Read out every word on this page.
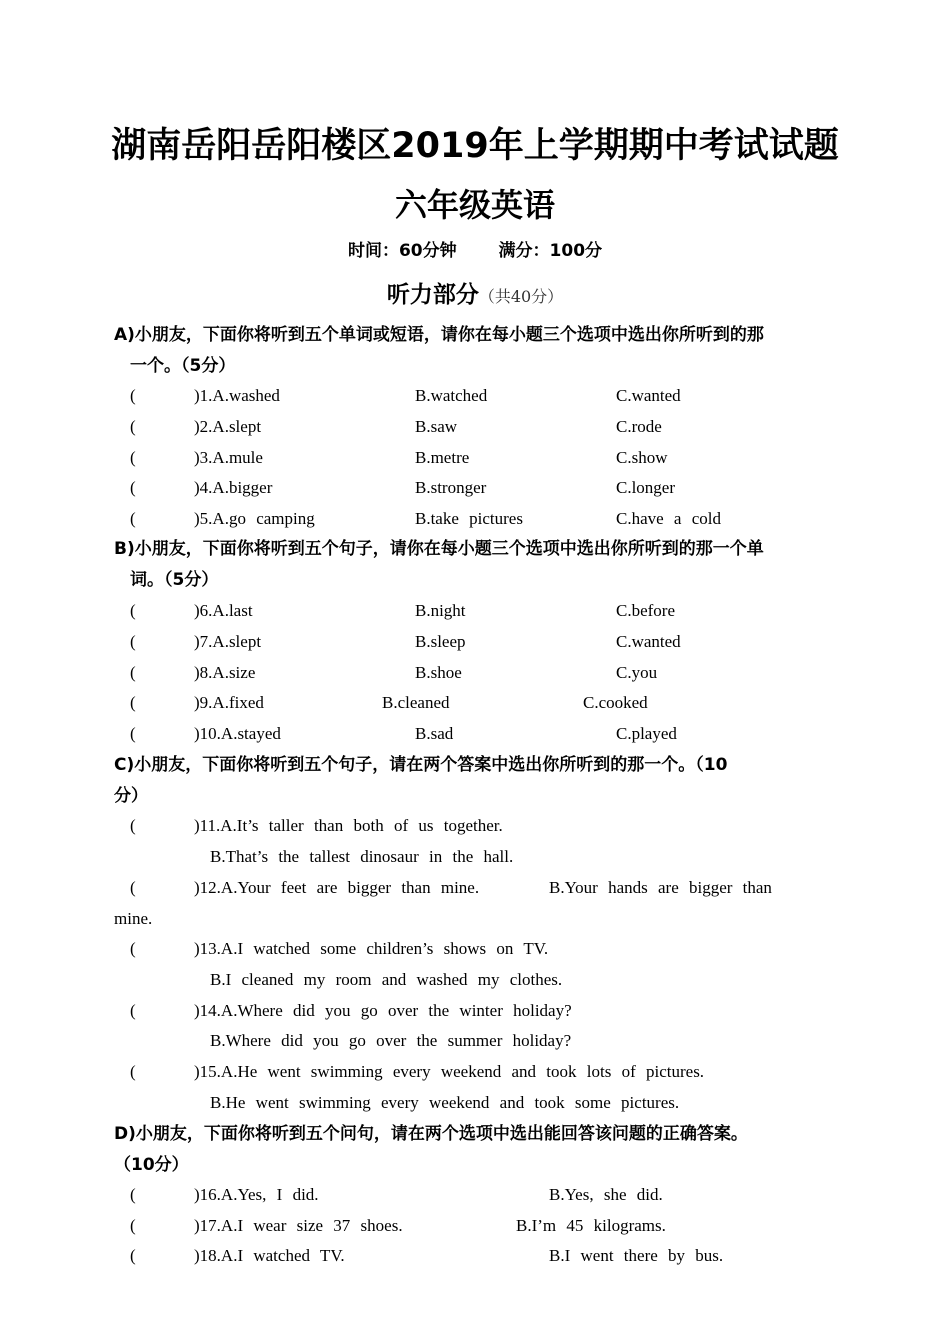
湖南岳阳岳阳楼区2019年上学期期中考试试题
六年级英语
时间：60分钟 满分：100分
听力部分（共40分）
A)小朋友，下面你将听到五个单词或短语，请你在每小题三个选项中选出你所听到的那
一个。（5分）
(	)1.A.washed	B.watched	C.wanted
(	)2.A.slept	B.saw	C.rode
(	)3.A.mule	B.metre	C.show
(	)4.A.bigger	B.stronger	C.longer
(	)5.A.go camping	B.take pictures	C.have a cold
B)小朋友，下面你将听到五个句子，请你在每小题三个选项中选出你所听到的那一个单
词。（5分）
(	)6.A.last	B.night	C.before
(	)7.A.slept	B.sleep	C.wanted
(	)8.A.size	B.shoe	C.you
(	)9.A.fixed	B.cleaned	C.cooked
(	)10.A.stayed	B.sad	C.played
C)小朋友，下面你将听到五个句子，请在两个答案中选出你所听到的那一个。（10
分）
(	)11.A.It’s taller than both of us together.
B.That’s the tallest dinosaur in the hall.
(	)12.A.Your feet are bigger than mine.	B.Your hands are bigger than
mine.
(	)13.A.I watched some children’s shows on TV.
B.I cleaned my room and washed my clothes.
(	)14.A.Where did you go over the winter holiday?
B.Where did you go over the summer holiday?
(	)15.A.He went swimming every weekend and took lots of pictures.
B.He went swimming every weekend and took some pictures.
D)小朋友，下面你将听到五个问句，请在两个选项中选出能回答该问题的正确答案。
（10分）
(	)16.A.Yes, I did.	B.Yes, she did.
(	)17.A.I wear size 37 shoes.	B.I’m 45 kilograms.
(	)18.A.I watched TV.	B.I went there by bus.
